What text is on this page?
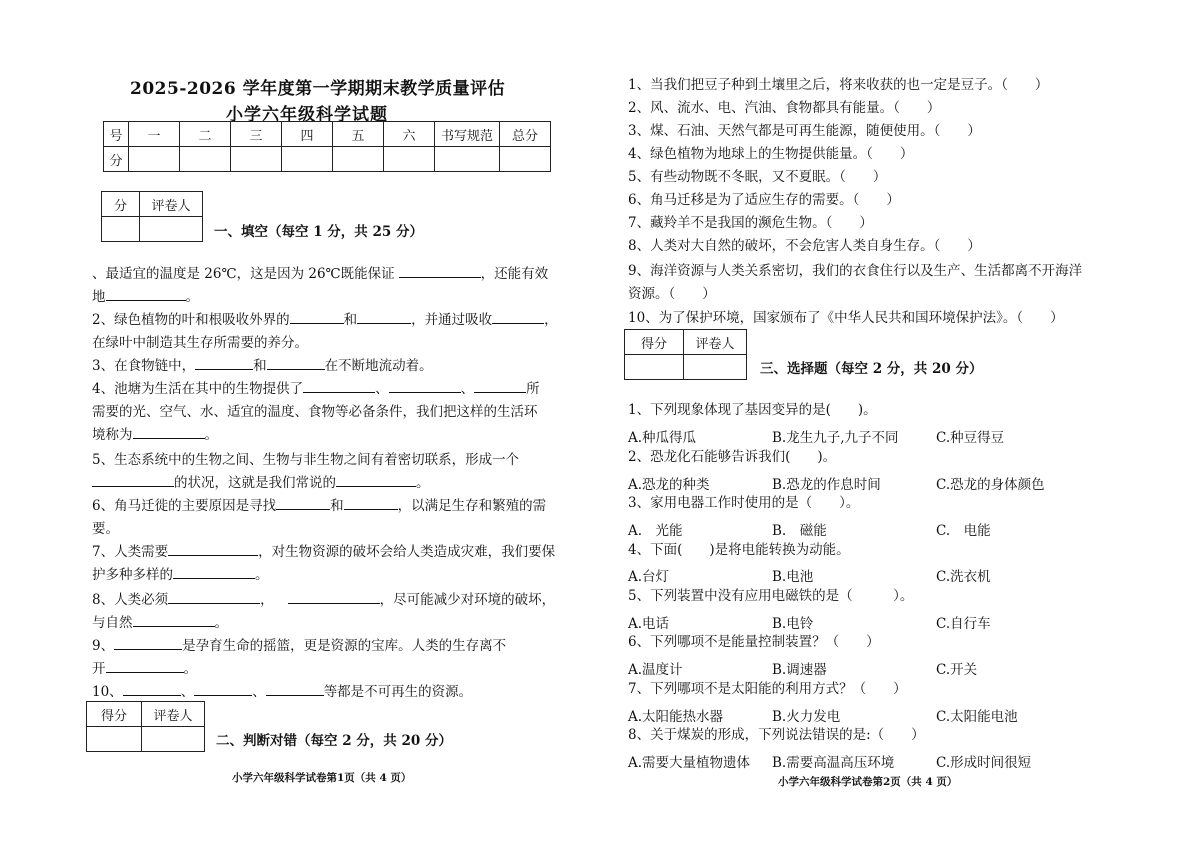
2025-2026 学年度第一学期期末教学质量评估
小学六年级科学试题
号	一	二	三	四	五	六	书写规范	总分
分								
分	评卷人

一、填空（每空 1 分，共 25 分）
、最适宜的温度是 26℃，这是因为 26℃既能保证	，还能有效
地	。
2、绿色植物的叶和根吸收外界的	和	，并通过吸收	，
在绿叶中制造其生存所需要的养分。
3、在食物链中，	和	在不断地流动着。
4、池塘为生活在其中的生物提供了	、	、	所
需要的光、空气、水、适宜的温度、食物等必备条件，我们把这样的生活环
境称为	。
5、生态系统中的生物之间、生物与非生物之间有着密切联系，形成一个
的状况，这就是我们常说的	。
6、角马迁徙的主要原因是寻找	和	，以满足生存和繁殖的需
要。
7、人类需要	，对生物资源的破坏会给人类造成灾难，我们要保
护多种多样的	。
8、人类必须	，	，尽可能减少对环境的破坏，
与自然	。
9、	是孕育生命的摇篮，更是资源的宝库。人类的生存离不
开	。
10、	、	、	等都是不可再生的资源。
得分	评卷人

二、判断对错（每空 2 分，共 20 分）
小学六年级科学试卷第1页（共 4 页）
1、当我们把豆子种到土壤里之后，将来收获的也一定是豆子。（　　）
2、风、流水、电、汽油、食物都具有能量。（　　）
3、煤、石油、天然气都是可再生能源，随便使用。（　　）
4、绿色植物为地球上的生物提供能量。（　　）
5、有些动物既不冬眠，又不夏眠。（　　）
6、角马迁移是为了适应生存的需要。（　　）
7、藏羚羊不是我国的濒危生物。（　　）
8、人类对大自然的破坏，不会危害人类自身生存。（　　）
9、海洋资源与人类关系密切，我们的衣食住行以及生产、生活都离不开海洋
资源。（　　）
10、为了保护环境，国家颁布了《中华人民共和国环境保护法》。（　　）
得分	评卷人

三、选择题（每空 2 分，共 20 分）
1、下列现象体现了基因变异的是(　　)。
A.种瓜得瓜	B.龙生九子,九子不同	C.种豆得豆
2、恐龙化石能够告诉我们(　　)。
A.恐龙的种类	B.恐龙的作息时间	C.恐龙的身体颜色
3、家用电器工作时使用的是（　　）。
A.　光能	B.　磁能	C.　电能
4、下面(　　)是将电能转换为动能。
A.台灯	B.电池	C.洗衣机
5、下列装置中没有应用电磁铁的是（　　　）。
A.电话	B.电铃	C.自行车
6、下列哪项不是能量控制装置？（　　）
A.温度计	B.调速器	C.开关
7、下列哪项不是太阳能的利用方式？（　　）
A.太阳能热水器	B.火力发电	C.太阳能电池
8、关于煤炭的形成，下列说法错误的是:（　　）
A.需要大量植物遗体 B.需要高温高压环境	C.形成时间很短
小学六年级科学试卷第2页（共 4 页）
